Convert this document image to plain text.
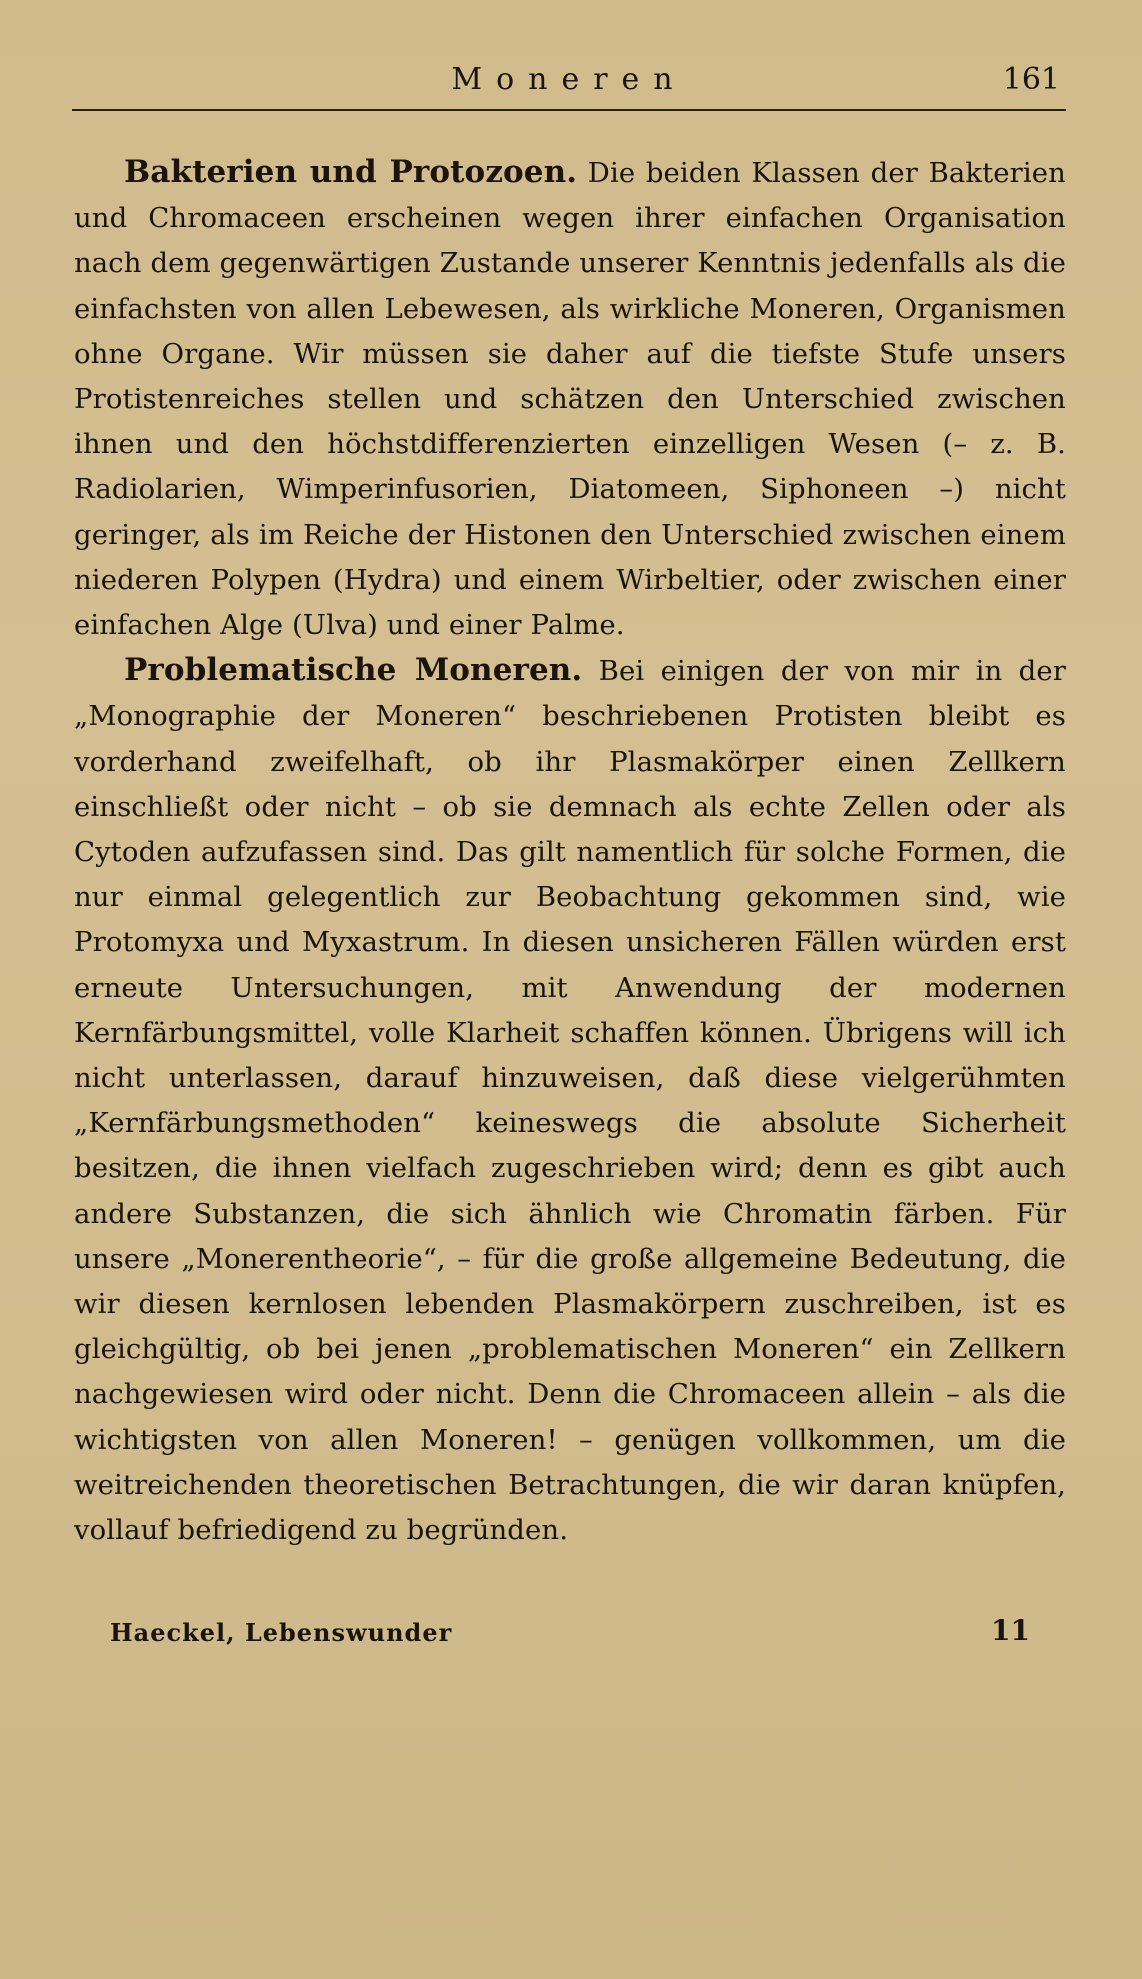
Moneren	161

Bakterien und Protozoen. Die beiden Klassen der Bakterien und Chromaceen erscheinen wegen ihrer einfachen Organisation nach dem gegenwärtigen Zustande unserer Kenntnis jedenfalls als die einfachsten von allen Lebewesen, als wirkliche Moneren, Organismen ohne Organe. Wir müssen sie daher auf die tiefste Stufe unsers Protistenreiches stellen und schätzen den Unterschied zwischen ihnen und den höchstdifferenzierten einzelligen Wesen (– z. B. Radiolarien, Wimperinfusorien, Diatomeen, Siphoneen –) nicht geringer, als im Reiche der Histonen den Unterschied zwischen einem niederen Polypen (Hydra) und einem Wirbeltier, oder zwischen einer einfachen Alge (Ulva) und einer Palme.

Problematische Moneren. Bei einigen der von mir in der „Monographie der Moneren“ beschriebenen Protisten bleibt es vorderhand zweifelhaft, ob ihr Plasmakörper einen Zellkern einschließt oder nicht – ob sie demnach als echte Zellen oder als Cytoden aufzufassen sind. Das gilt namentlich für solche Formen, die nur einmal gelegentlich zur Beobachtung gekommen sind, wie Protomyxa und Myxastrum. In diesen unsicheren Fällen würden erst erneute Untersuchungen, mit Anwendung der modernen Kernfärbungsmittel, volle Klarheit schaffen können. Übrigens will ich nicht unterlassen, darauf hinzuweisen, daß diese vielgerühmten „Kernfärbungsmethoden“ keineswegs die absolute Sicherheit besitzen, die ihnen vielfach zugeschrieben wird; denn es gibt auch andere Substanzen, die sich ähnlich wie Chromatin färben. Für unsere „Monerentheorie“, – für die große allgemeine Bedeutung, die wir diesen kernlosen lebenden Plasmakörpern zuschreiben, ist es gleichgültig, ob bei jenen „problematischen Moneren“ ein Zellkern nachgewiesen wird oder nicht. Denn die Chromaceen allein – als die wichtigsten von allen Moneren! – genügen vollkommen, um die weitreichenden theoretischen Betrachtungen, die wir daran knüpfen, vollauf befriedigend zu begründen.

Haeckel, Lebenswunder	11
